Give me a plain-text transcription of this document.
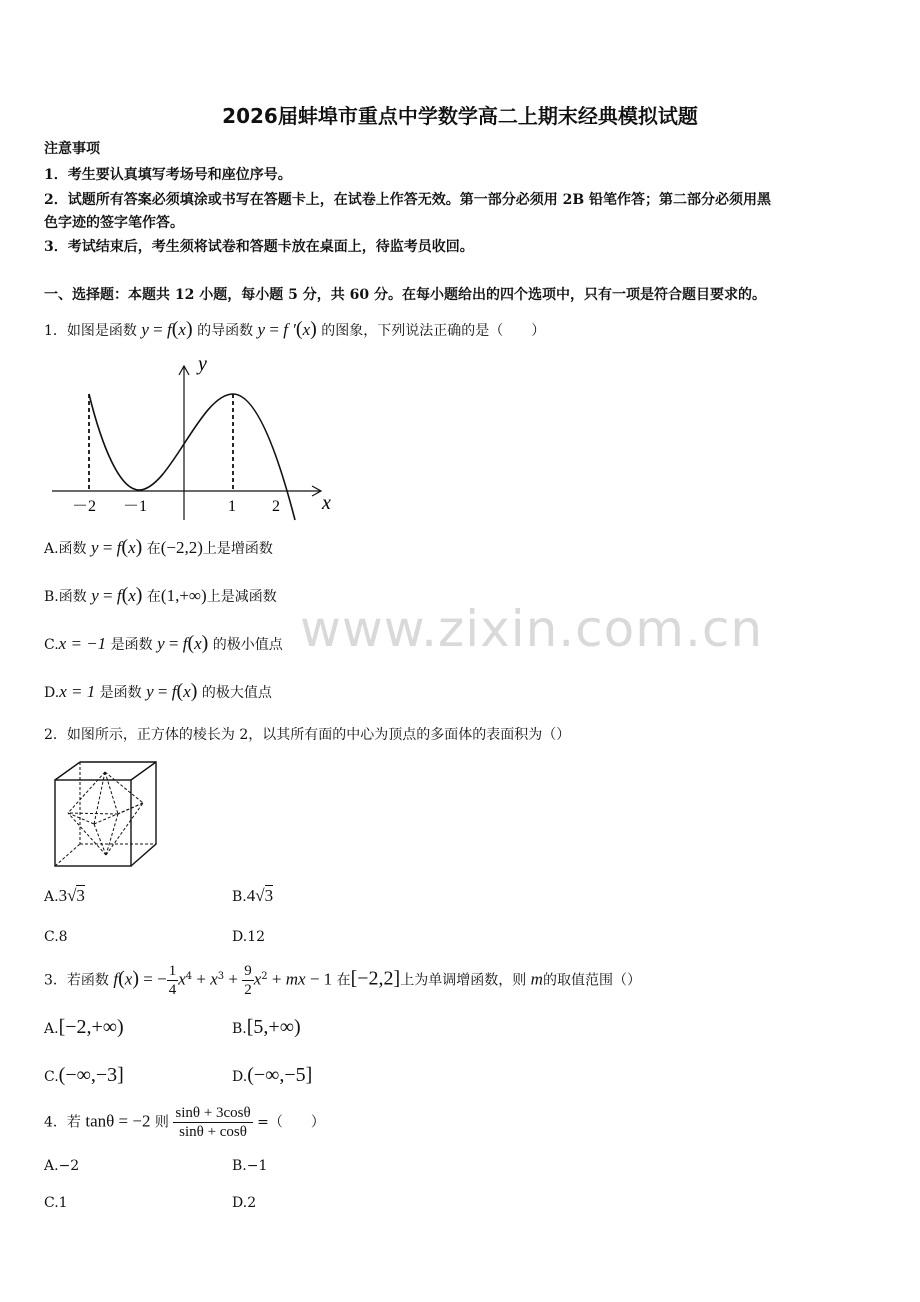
2026届蚌埠市重点中学数学高二上期末经典模拟试题
注意事项
1．考生要认真填写考场号和座位序号。
2．试题所有答案必须填涂或书写在答题卡上，在试卷上作答无效。第一部分必须用 2B 铅笔作答；第二部分必须用黑
色字迹的签字笔作答。
3．考试结束后，考生须将试卷和答题卡放在桌面上，待监考员收回。
一、选择题：本题共 12 小题，每小题 5 分，共 60 分。在每小题给出的四个选项中，只有一项是符合题目要求的。
www.zixin.com.cn
1．如图是函数 y = f(x) 的导函数 y = f ′(x) 的图象，下列说法正确的是（　　）
y
x
－2 －1	1 2
A.函数 y = f(x) 在(−2,2)上是增函数
B.函数 y = f(x) 在(1,+∞)上是减函数
C.x = −1 是函数 y = f(x) 的极小值点
D.x = 1 是函数 y = f(x) 的极大值点
2．如图所示，正方体的棱长为 2，以其所有面的中心为顶点的多面体的表面积为（）
A.3√3	B.4√3
C.8	D.12
3．若函数 f(x) = − $\frac{1}{4} x^4 + x^3 + \frac{9}{2} x^2$ + mx − 1 在[−2,2]上为单调增函数，则 m的取值范围（）
A.[−2,+∞)	B.[5,+∞)
C.(−∞,−3]	D.(−∞,−5]
4．若 tanθ = −2 则 $\frac{\sin\theta + 3\cos\theta}{\sin\theta + \cos\theta}$ =（　　）
A.−2	B.−1
C.1	D.2
